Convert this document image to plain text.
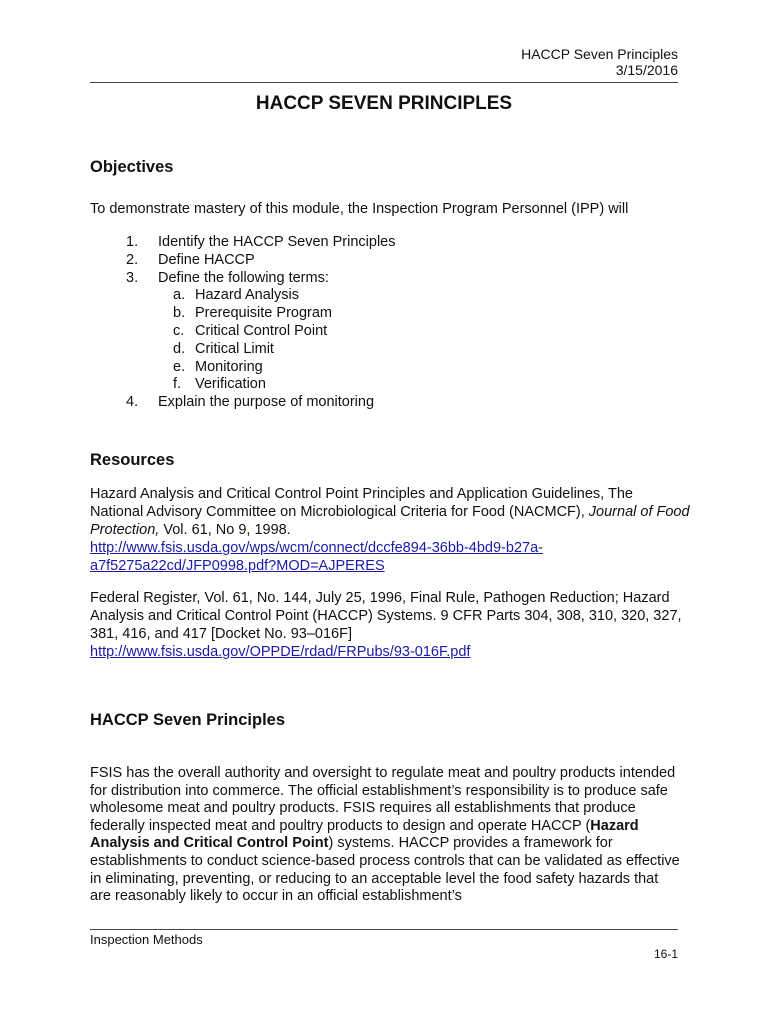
HACCP Seven Principles
3/15/2016
HACCP SEVEN PRINCIPLES
Objectives

To demonstrate mastery of this module, the Inspection Program Personnel (IPP) will

1.	Identify the HACCP Seven Principles
2.	Define HACCP
3.	Define the following terms:
a. Hazard Analysis
b. Prerequisite Program
c. Critical Control Point
d. Critical Limit
e. Monitoring
f. Verification
4.	Explain the purpose of monitoring
Resources

Hazard Analysis and Critical Control Point Principles and Application Guidelines, The National Advisory Committee on Microbiological Criteria for Food (NACMCF), Journal of Food Protection, Vol. 61, No 9, 1998.
http://www.fsis.usda.gov/wps/wcm/connect/dccfe894-36bb-4bd9-b27a-
a7f5275a22cd/JFP0998.pdf?MOD=AJPERES

Federal Register, Vol. 61, No. 144, July 25, 1996, Final Rule, Pathogen Reduction; Hazard Analysis and Critical Control Point (HACCP) Systems. 9 CFR Parts 304, 308, 310, 320, 327, 381, 416, and 417 [Docket No. 93–016F]
http://www.fsis.usda.gov/OPPDE/rdad/FRPubs/93-016F.pdf

HACCP Seven Principles

FSIS has the overall authority and oversight to regulate meat and poultry products intended for distribution into commerce. The official establishment’s responsibility is to produce safe wholesome meat and poultry products. FSIS requires all establishments that produce federally inspected meat and poultry products to design and operate HACCP (Hazard Analysis and Critical Control Point) systems. HACCP provides a framework for establishments to conduct science-based process controls that can be validated as effective in eliminating, preventing, or reducing to an acceptable level the food safety hazards that are reasonably likely to occur in an official establishment’s

Inspection Methods
16-1
